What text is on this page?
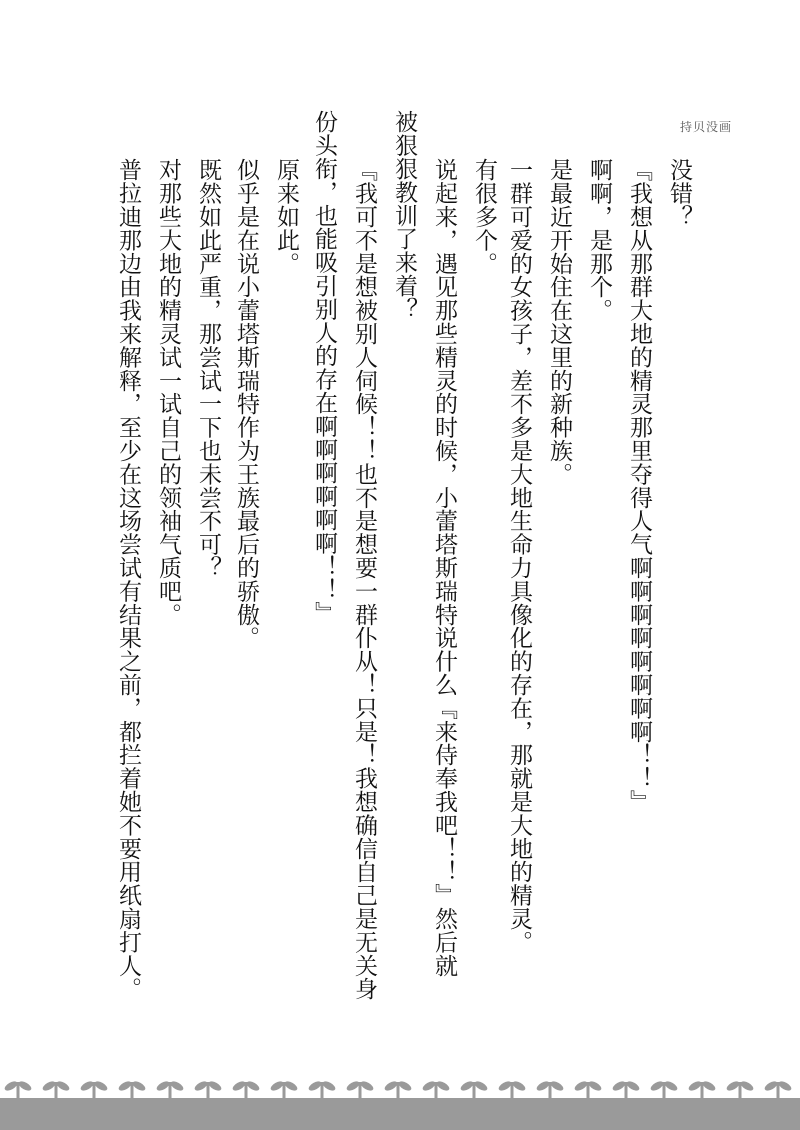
持贝没画
没错？
『我想从那群大地的精灵那里夺得人气啊啊啊啊啊啊啊啊！！』
啊啊，是那个。
是最近开始住在这里的新种族。
一群可爱的女孩子，差不多是大地生命力具像化的存在，那就是大地的精灵。
有很多个。
说起来，遇见那些精灵的时候，小蕾塔斯瑞特说什么『来侍奉我吧！！』然后就
被狠狠教训了来着？
『我可不是想被别人伺候！！也不是想要一群仆从！只是！我想确信自己是无关身
份头衔，也能吸引别人的存在啊啊啊啊啊啊！！』
原来如此。
似乎是在说小蕾塔斯瑞特作为王族最后的骄傲。
既然如此严重，那尝试一下也未尝不可？
对那些大地的精灵试一试自己的领袖气质吧。
普拉迪那边由我来解释，至少在这场尝试有结果之前，都拦着她不要用纸扇打人。
